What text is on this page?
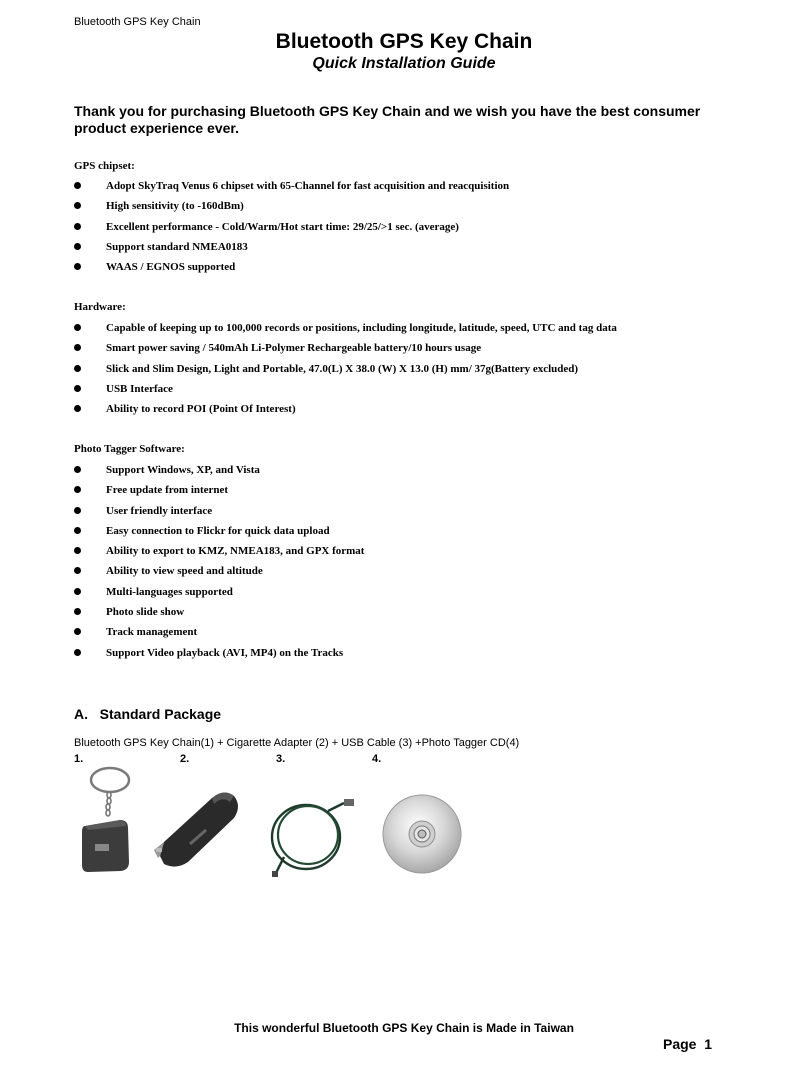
Bluetooth GPS Key Chain
Bluetooth GPS Key Chain
Quick Installation Guide
Thank you for purchasing Bluetooth GPS Key Chain and we wish you have the best consumer product experience ever.
GPS chipset:
Adopt SkyTraq Venus 6 chipset with 65-Channel for fast acquisition and reacquisition
High sensitivity (to -160dBm)
Excellent performance - Cold/Warm/Hot start time: 29/25/>1 sec. (average)
Support standard NMEA0183
WAAS / EGNOS supported
Hardware:
Capable of keeping up to 100,000 records or positions, including longitude, latitude, speed, UTC and tag data
Smart power saving / 540mAh Li-Polymer Rechargeable battery/10 hours usage
Slick and Slim Design, Light and Portable, 47.0(L) X 38.0 (W) X 13.0 (H) mm/ 37g(Battery excluded)
USB Interface
Ability to record POI (Point Of Interest)
Photo Tagger Software:
Support Windows, XP, and Vista
Free update from internet
User friendly interface
Easy connection to Flickr for quick data upload
Ability to export to KMZ, NMEA183, and GPX format
Ability to view speed and altitude
Multi-languages supported
Photo slide show
Track management
Support Video playback (AVI, MP4) on the Tracks
A.   Standard Package
Bluetooth GPS Key Chain(1) + Cigarette Adapter (2) + USB Cable (3) +Photo Tagger CD(4)
1.	2.	3.	4.
This wonderful Bluetooth GPS Key Chain is Made in Taiwan
Page  1
